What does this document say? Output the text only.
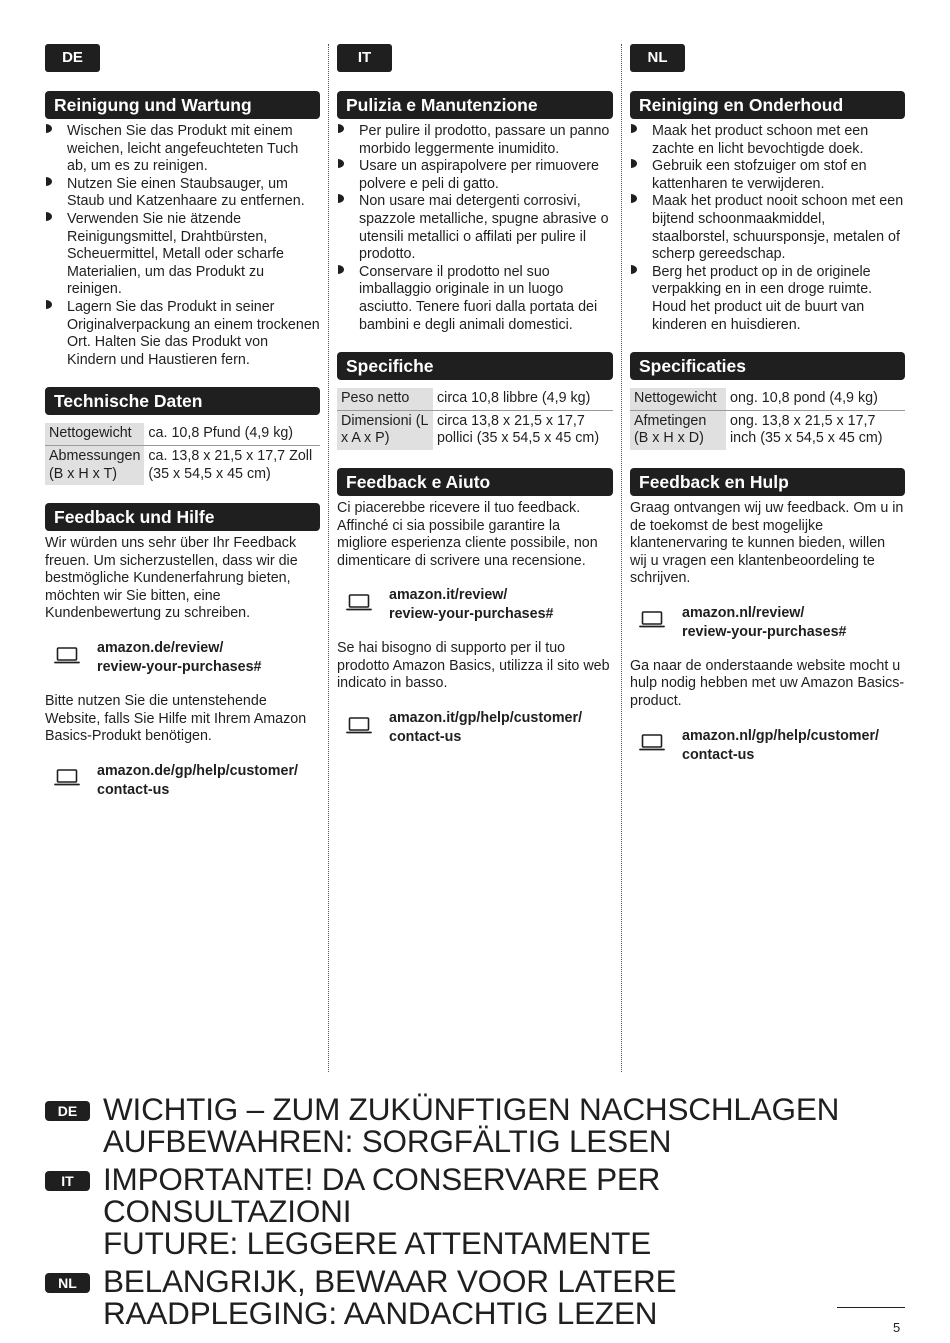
DE
Reinigung und Wartung
Wischen Sie das Produkt mit einem weichen, leicht angefeuchteten Tuch ab, um es zu reinigen.
Nutzen Sie einen Staubsauger, um Staub und Katzenhaare zu entfernen.
Verwenden Sie nie ätzende Reinigungsmittel, Drahtbürsten, Scheuermittel, Metall oder scharfe Materialien, um das Produkt zu reinigen.
Lagern Sie das Produkt in seiner Originalverpackung an einem trockenen Ort. Halten Sie das Produkt von Kindern und Haustieren fern.
Technische Daten
Nettogewicht	ca. 10,8 Pfund (4,9 kg)
Abmessungen (B x H x T)	ca. 13,8 x 21,5 x 17,7 Zoll (35 x 54,5 x 45 cm)
Feedback und Hilfe

Wir würden uns sehr über Ihr Feedback freuen. Um sicherzustellen, dass wir die bestmögliche Kundenerfahrung bieten, möchten wir Sie bitten, eine Kundenbewertung zu schreiben.

amazon.de/review/
review-your-purchases#

Bitte nutzen Sie die untenstehende Website, falls Sie Hilfe mit Ihrem Amazon Basics-Produkt benötigen.

amazon.de/gp/help/customer/
contact-us
IT
Pulizia e Manutenzione
Per pulire il prodotto, passare un panno morbido leggermente inumidito.
Usare un aspirapolvere per rimuovere polvere e peli di gatto.
Non usare mai detergenti corrosivi, spazzole metalliche, spugne abrasive o utensili metallici o affilati per pulire il prodotto.
Conservare il prodotto nel suo imballaggio originale in un luogo asciutto. Tenere fuori dalla portata dei bambini e degli animali domestici.
Specifiche
Peso netto	circa 10,8 libbre (4,9 kg)
Dimensioni (L x A x P)	circa 13,8 x 21,5 x 17,7 pollici (35 x 54,5 x 45 cm)
Feedback e Aiuto

Ci piacerebbe ricevere il tuo feedback. Affinché ci sia possibile garantire la migliore esperienza cliente possibile, non dimenticare di scrivere una recensione.

amazon.it/review/
review-your-purchases#

Se hai bisogno di supporto per il tuo prodotto Amazon Basics, utilizza il sito web indicato in basso.

amazon.it/gp/help/customer/
contact-us
NL
Reiniging en Onderhoud
Maak het product schoon met een zachte en licht bevochtigde doek.
Gebruik een stofzuiger om stof en kattenharen te verwijderen.
Maak het product nooit schoon met een bijtend schoonmaakmiddel, staalborstel, schuursponsje, metalen of scherp gereedschap.
Berg het product op in de originele verpakking en in een droge ruimte. Houd het product uit de buurt van kinderen en huisdieren.
Specificaties
Nettogewicht	ong. 10,8 pond (4,9 kg)
Afmetingen (B x H x D)	ong. 13,8 x 21,5 x 17,7 inch (35 x 54,5 x 45 cm)
Feedback en Hulp

Graag ontvangen wij uw feedback. Om u in de toekomst de best mogelijke klantenervaring te kunnen bieden, willen wij u vragen een klantenbeoordeling te schrijven.

amazon.nl/review/
review-your-purchases#

Ga naar de onderstaande website mocht u hulp nodig hebben met uw Amazon Basics-product.

amazon.nl/gp/help/customer/
contact-us
DE WICHTIG – ZUM ZUKÜNFTIGEN NACHSCHLAGEN
AUFBEWAHREN: SORGFÄLTIG LESEN
IT IMPORTANTE! DA CONSERVARE PER CONSULTAZIONI
FUTURE: LEGGERE ATTENTAMENTE
NL BELANGRIJK, BEWAAR VOOR LATERE
RAADPLEGING: AANDACHTIG LEZEN	5
